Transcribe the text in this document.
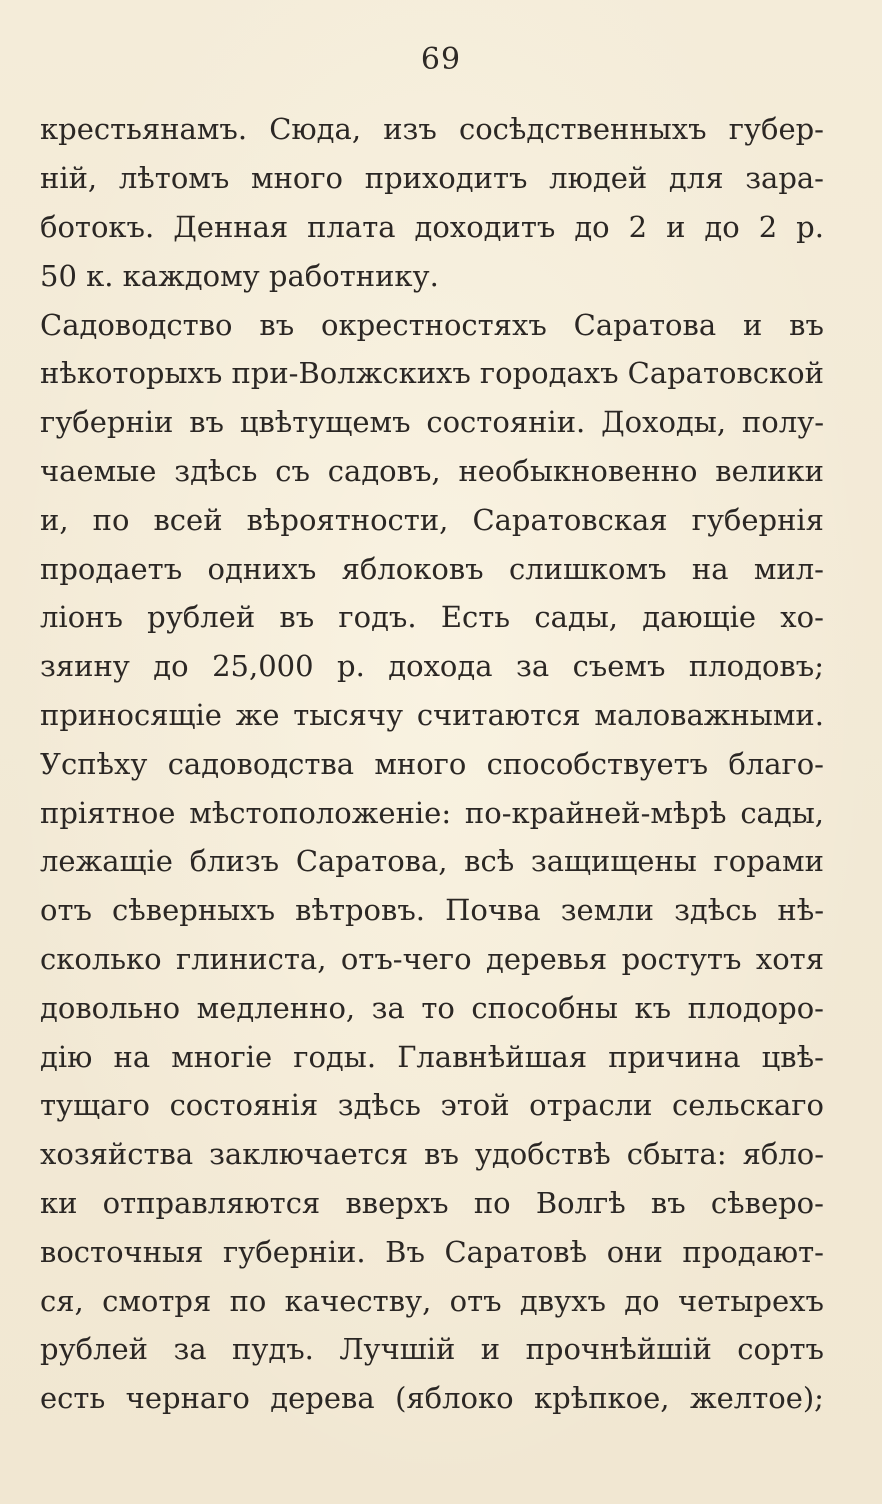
69
крестьянамъ. Сюда, изъ сосѣдственныхъ губер-
ній, лѣтомъ много приходитъ людей для зара-
ботокъ. Денная плата доходитъ до 2 и до 2 р.
50 к. каждому работнику.
Садоводство въ окрестностяхъ Саратова и въ
нѣкоторыхъ при-Волжскихъ городахъ Саратовской
губерніи въ цвѣтущемъ состояніи. Доходы, полу-
чаемые здѣсь съ садовъ, необыкновенно велики
и, по всей вѣроятности, Саратовская губернія
продаетъ однихъ яблоковъ слишкомъ на мил-
ліонъ рублей въ годъ. Есть сады, дающіе хо-
зяину до 25,000 р. дохода за съемъ плодовъ;
приносящіе же тысячу считаются маловажными.
Успѣху садоводства много способствуетъ благо-
пріятное мѣстоположеніе: по-крайней-мѣрѣ сады,
лежащіе близъ Саратова, всѣ защищены горами
отъ сѣверныхъ вѣтровъ. Почва земли здѣсь нѣ-
сколько глиниста, отъ-чего деревья ростутъ хотя
довольно медленно, за то способны къ плодоро-
дію на многіе годы. Главнѣйшая причина цвѣ-
тущаго состоянія здѣсь этой отрасли сельскаго
хозяйства заключается въ удобствѣ сбыта: ябло-
ки отправляются вверхъ по Волгѣ въ сѣверо-
восточныя губерніи. Въ Саратовѣ они продают-
ся, смотря по качеству, отъ двухъ до четырехъ
рублей за пудъ. Лучшій и прочнѣйшій сортъ
есть чернаго дерева (яблоко крѣпкое, желтое);
